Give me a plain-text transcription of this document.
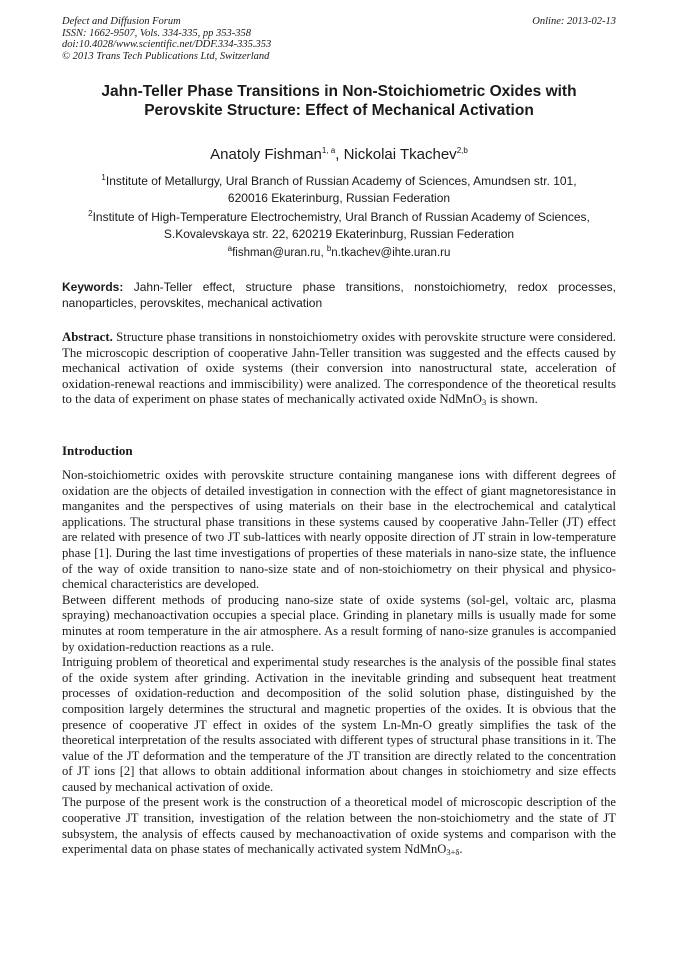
Defect and Diffusion Forum
ISSN: 1662-9507, Vols. 334-335, pp 353-358
doi:10.4028/www.scientific.net/DDF.334-335.353
© 2013 Trans Tech Publications Ltd, Switzerland
Online: 2013-02-13
Jahn-Teller Phase Transitions in Non-Stoichiometric Oxides with
Perovskite Structure: Effect of Mechanical Activation
Anatoly Fishman$^{1, a}$, Nickolai Tkachev$^{2,b}$
$^1$Institute of Metallurgy, Ural Branch of Russian Academy of Sciences, Amundsen str. 101,
620016 Ekaterinburg, Russian Federation
$^2$Institute of High-Temperature Electrochemistry, Ural Branch of Russian Academy of Sciences,
S.Kovalevskaya str. 22, 620219 Ekaterinburg, Russian Federation
$^a$fishman@uran.ru, $^b$n.tkachev@ihte.uran.ru
Keywords: Jahn-Teller effect, structure phase transitions, nonstoichiometry, redox processes, nanoparticles, perovskites, mechanical activation
Abstract. Structure phase transitions in nonstoichiometry oxides with perovskite structure were considered. The microscopic description of cooperative Jahn-Teller transition was suggested and the effects caused by mechanical activation of oxide systems (their conversion into nanostructural state, acceleration of oxidation-renewal reactions and immiscibility) were analized. The correspondence of the theoretical results to the data of experiment on phase states of mechanically activated oxide NdMnO$_3$ is shown.
Introduction

Non-stoichiometric oxides with perovskite structure containing manganese ions with different degrees of oxidation are the objects of detailed investigation in connection with the effect of giant magnetoresistance in manganites and the perspectives of using materials on their base in the electrochemical and catalytical applications. The structural phase transitions in these systems caused by cooperative Jahn-Teller (JT) effect are related with presence of two JT sub-lattices with nearly opposite direction of JT strain in low-temperature phase [1]. During the last time investigations of properties of these materials in nano-size state, the influence of the way of oxide transition to nano-size state and of non-stoichiometry on their physical and physico-chemical characteristics are developed.

Between different methods of producing nano-size state of oxide systems (sol-gel, voltaic arc, plasma spraying) mechanoactivation occupies a special place. Grinding in planetary mills is usually made for some minutes at room temperature in the air atmosphere. As a result forming of nano-size granules is accompanied by oxidation-reduction reactions as a rule.

Intriguing problem of theoretical and experimental study researches is the analysis of the possible final states of the oxide system after grinding. Activation in the inevitable grinding and subsequent heat treatment processes of oxidation-reduction and decomposition of the solid solution phase, distinguished by the composition largely determines the structural and magnetic properties of the oxides. It is obvious that the presence of cooperative JT effect in oxides of the system Ln-Mn-O greatly simplifies the task of the theoretical interpretation of the results associated with different types of structural phase transitions in it. The value of the JT deformation and the temperature of the JT transition are directly related to the concentration of JT ions [2] that allows to obtain additional information about changes in stoichiometry and size effects caused by mechanical activation of oxide.

The purpose of the present work is the construction of a theoretical model of microscopic description of the cooperative JT transition, investigation of the relation between the non-stoichiometry and the state of JT subsystem, the analysis of effects caused by mechanoactivation of oxide systems and comparison with the experimental data on phase states of mechanically activated system NdMnO$_{3+\delta}$.
